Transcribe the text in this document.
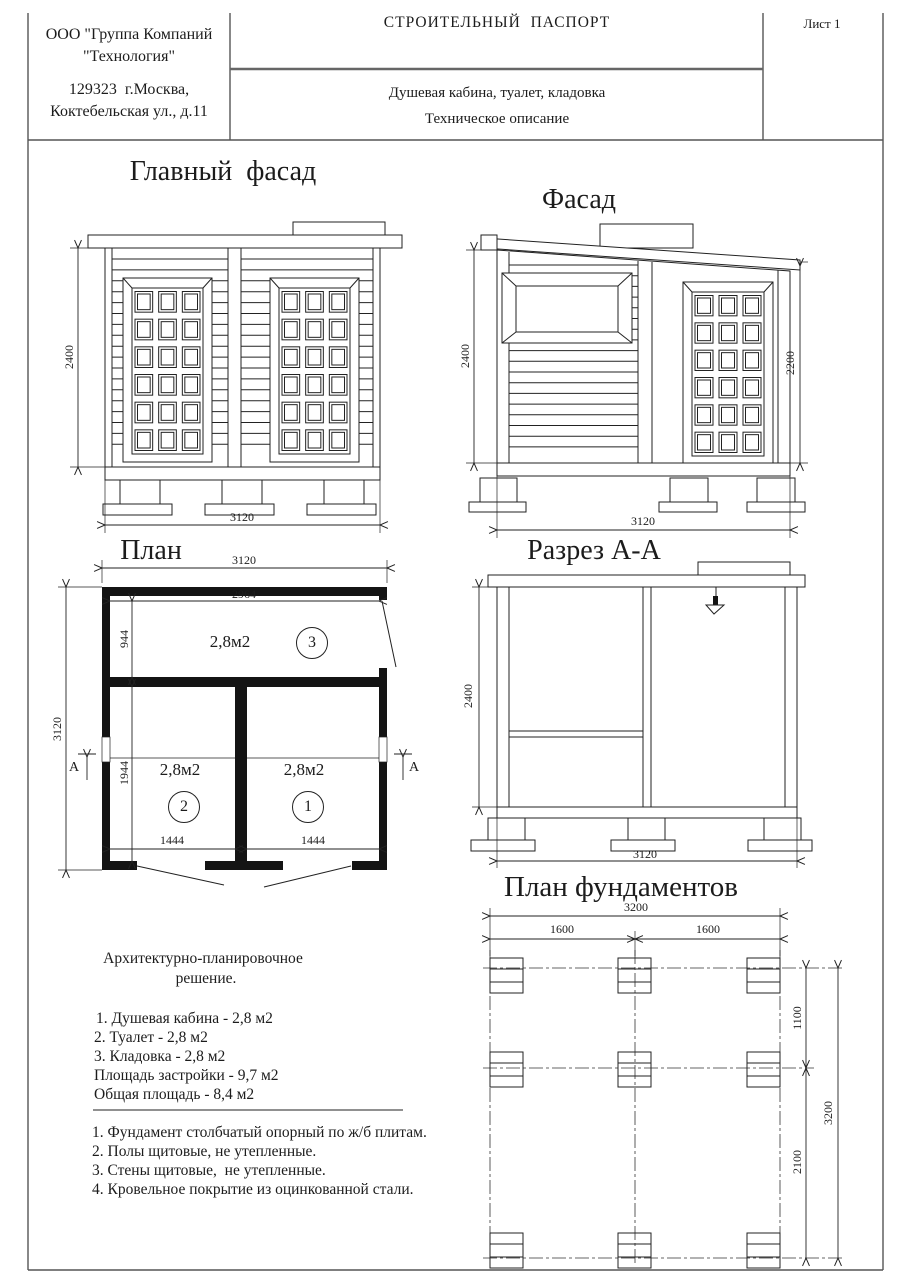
ООО "Группа Компаний
"Технология"
129323  г.Москва,
Коктебельская ул., д.11
СТРОИТЕЛЬНЫЙ  ПАСПОРТ
Душевая кабина, туалет, кладовка
Техническое описание
Лист 1
Главный  фасад
Фасад
План	Разрез А-А
План фундаментов
2400
3120
2400	2200
3120
3120
2964
944
1944
3120
1444	1444
А	А
2,8м2
2,8м2	2,8м2
3
2	1
2400
3120
3200
1600	1600
1100
2100
3200
Архитектурно-планировочное
решение.
1. Душевая кабина - 2,8 м2
2. Туалет - 2,8 м2
3. Кладовка - 2,8 м2
Площадь застройки - 9,7 м2
Общая площадь - 8,4 м2
1. Фундамент столбчатый опорный по ж/б плитам.
2. Полы щитовые, не утепленные.
3. Стены щитовые,  не утепленные.
4. Кровельное покрытие из оцинкованной стали.
